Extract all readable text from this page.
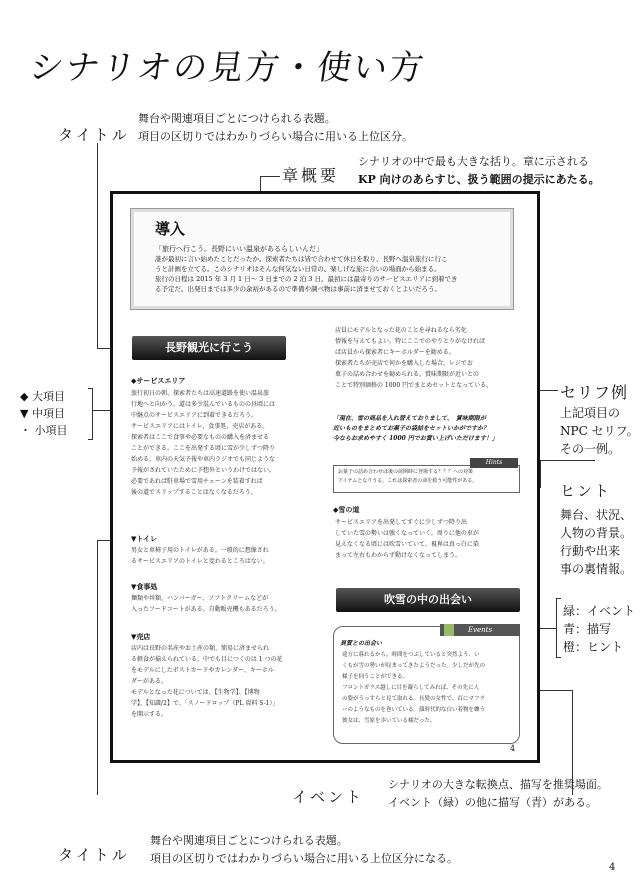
シナリオの見方・使い方
タイトル
舞台や関連項目ごとにつけられる表題。
項目の区切りではわかりづらい場合に用いる上位区分。
章概要
シナリオの中で最も大きな括り。章に示される
KP 向けのあらすじ、扱う範囲の提示にあたる。
◆ 大項目
▼ 中項目
・ 小項目
セリフ例
上記項目の
NPC セリフ。
その一例。
ヒント
舞台、状況、
人物の背景。
行動や出来
事の裏情報。
緑：イベント
青：描写
橙：ヒント
イベント
シナリオの大きな転換点、描写を推奨場面。
イベント（緑）の他に描写（青）がある。
タイトル
舞台や関連項目ごとにつけられる表題。
項目の区切りではわかりづらい場合に用いる上位区分になる。
4
導入
「旅行へ行こう。長野にいい温泉があるらしいんだ」
誰が最初に言い始めたことだったか。探索者たちは皆で合わせて休日を取り、長野へ温泉旅行に行こ
うと計画を立てる。このシナリオはそんな何気ない日常の、楽しげな旅に合いの場面から始まる。
旅行の日程は 2015 年 3 月 1 日〜 3 日までの 2 泊 3 日。最初には最寄りのサービスエリアに到着でき
る予定だ。出発日までは多少の余裕があるので準備や調べ物は事前に済ませておくとよいだろう。
長野観光に行こう
◆サービスエリア
旅行初日の朝、探索者たちは高速道路を使い温泉旅
行地へと向かう。道は多少混んでいるものの昼頃には
中継点のサービスエリアに到着できるだろう。
サービスエリアにはトイレ、食事処、売店がある。
探索者はここで食事や必要なものの購入を済ませる
ことができる。ここを出発する頃に雪が少しずつ降り
始める。車内の天気予報や車内ラジオでも同じような
予報がされていたために予想外というわけではない。
必要であれば駐車場で雪用チェーンを装着すれば
後の道でスリップすることはなくなるだろう。
▼トイレ
男女と車椅子用のトイレがある。一般的に想像され
るサービスエリアのトイレと変わるところはない。
▼食事処
麺類や丼類、ハンバーガー、ソフトクリームなどが
入ったフードコートがある。自動販売機もあるだろう。
▼売店
店内は長野の名産やお土産の類、簡易に済ませられ
る軽食が揃えられている。中でも目につくのは 1 つの花
をモデルにしたポストカードやカレンダー、キーホル
ダーがある。
モデルとなった花については、【生物学】、【博物
学】、【知識/2】で、「スノードロップ（PL 資料 S-1）」
を開示する。
店員にモデルとなった花のことを尋ねるなら劣化
情報を与えてもよい。特にここでのやりとりがなければ
ば店員から探索者にキーホルダーを勧める。
探索者たちが売店で何かを購入した場合、レジでお
菓子の詰め合わせを勧められる。賞味期限が近いとの
ことで特別価格の 1000 円でまとめセットとなっている。
「現在、雪の商品を入れ替えておりまして、　賞味期限が
近いものをまとめてお菓子の袋詰をセットいかがですか？
今ならお求めやすく 1000 円でお買い上げいただけます！」
Hints
お菓子の詰め合わせは後の展開時に登場する？？？への対策
アイテムとなりうる。これは探索者の命を救う可能性がある。
◆雪の道
サービスエリアを出発してすぐに少しずつ降り出
していた雪の勢いは強くなっていく。周りに他の車が
見えなくなる頃には吹雪いていて、視界は真っ白に染
まって左右もわからず動けなくなってしまう。
吹雪の中の出会い
Events
異質との出会い
途方に暮れるから、時間をつぶしていると突然よう、い
くもが雪の勢いが収まってきたようだった。少しだが先の
様子を伺うことができる。
フロントガラス越しに目を凝らしてみれば、その先に人
の姿がうっすらと見て取れる。長髪の女性で、首にマフラ
ーのようなものを巻いている。顔時代的な白い着物を纏う
彼女は、雪原を歩いている様だった。
4
